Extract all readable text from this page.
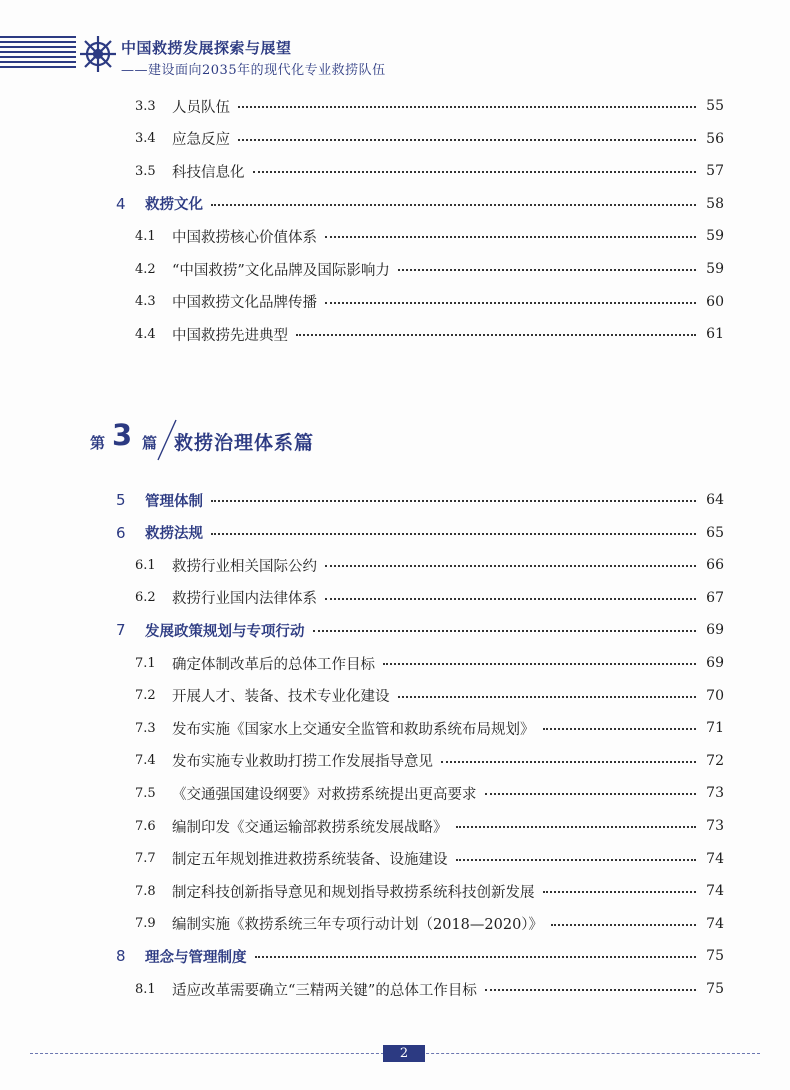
中国救捞发展探索与展望
——建设面向2035年的现代化专业救捞队伍
3.3 人员队伍	55
3.4 应急反应	56
3.5 科技信息化	57
4 救捞文化	58
4.1 中国救捞核心价值体系	59
4.2 “中国救捞”文化品牌及国际影响力	59
4.3 中国救捞文化品牌传播	60
4.4 中国救捞先进典型	61
第 3 篇 救捞治理体系篇
5 管理体制	64
6 救捞法规	65
6.1 救捞行业相关国际公约	66
6.2 救捞行业国内法律体系	67
7 发展政策规划与专项行动	69
7.1 确定体制改革后的总体工作目标	69
7.2 开展人才、装备、技术专业化建设	70
7.3 发布实施《国家水上交通安全监管和救助系统布局规划》	71
7.4 发布实施专业救助打捞工作发展指导意见	72
7.5 《交通强国建设纲要》对救捞系统提出更高要求	73
7.6 编制印发《交通运输部救捞系统发展战略》	73
7.7 制定五年规划推进救捞系统装备、设施建设	74
7.8 制定科技创新指导意见和规划指导救捞系统科技创新发展	74
7.9 编制实施《救捞系统三年专项行动计划（2018—2020）》	74
8 理念与管理制度	75
8.1 适应改革需要确立“三精两关键”的总体工作目标	75
2
